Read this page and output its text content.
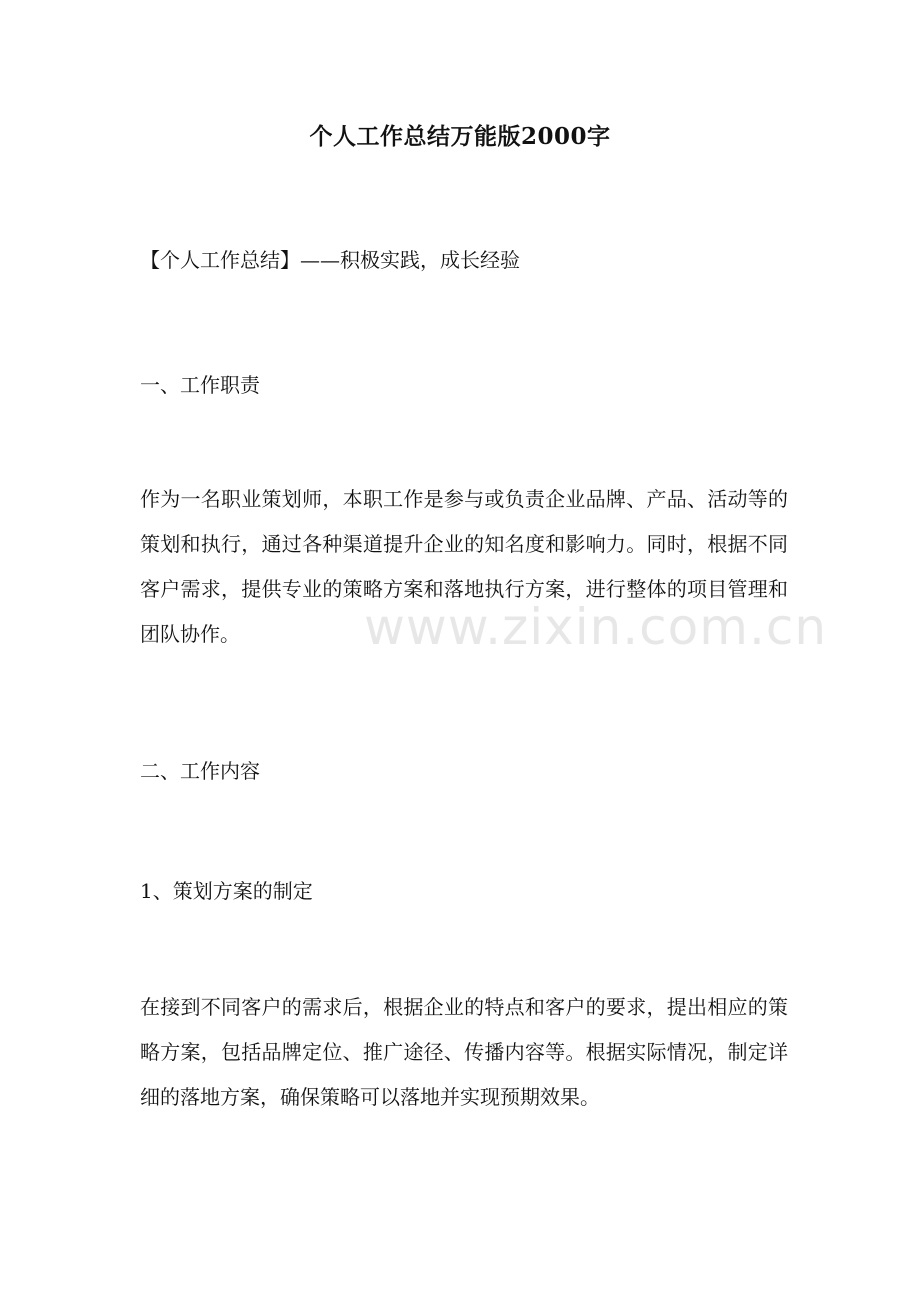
个人工作总结万能版2000字
【个人工作总结】——积极实践，成长经验
一、工作职责
作为一名职业策划师，本职工作是参与或负责企业品牌、产品、活动等的策划和执行，通过各种渠道提升企业的知名度和影响力。同时，根据不同客户需求，提供专业的策略方案和落地执行方案，进行整体的项目管理和团队协作。
二、工作内容
1、策划方案的制定
在接到不同客户的需求后，根据企业的特点和客户的要求，提出相应的策略方案，包括品牌定位、推广途径、传播内容等。根据实际情况，制定详细的落地方案，确保策略可以落地并实现预期效果。
www.zixin.com.cn
